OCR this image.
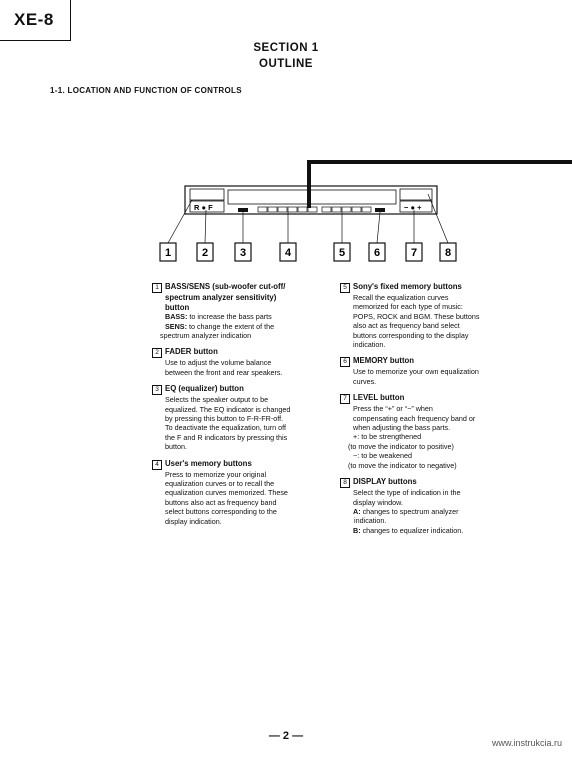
XE-8
SECTION 1
OUTLINE
1-1. LOCATION AND FUNCTION OF CONTROLS
R ● F	− ● +
1	2	3	4	5	6	7	8
1 BASS/SENS (sub-woofer cut-off/
spectrum analyzer sensitivity)
button
BASS: to increase the bass parts
SENS: to change the extent of the
spectrum analyzer indication
2 FADER button
Use to adjust the volume balance
between the front and rear speakers.
3 EQ (equalizer) button
Selects the speaker output to be
equalized. The EQ indicator is changed
by pressing this button to F-R-FR-off.
To deactivate the equalization, turn off
the F and R indicators by pressing this
button.
4 User's memory buttons
Press to memorize your original
equalization curves or to recall the
equalization curves memorized. These
buttons also act as frequency band
select buttons corresponding to the
display indication.
5 Sony's fixed memory buttons
Recall the equalization curves
memorized for each type of music:
POPS, ROCK and BGM. These buttons
also act as frequency band select
buttons corresponding to the display
indication.
6 MEMORY button
Use to memorize your own equalization
curves.
7 LEVEL button
Press the “+” or “−” when
compensating each frequency band or
when adjusting the bass parts.
+: to be strengthened
(to move the indicator to positive)
−: to be weakened
(to move the indicator to negative)
8 DISPLAY buttons
Select the type of indication in the
display window.
A: changes to spectrum analyzer
indication.
B: changes to equalizer indication.
— 2 —
www.instrukcia.ru
